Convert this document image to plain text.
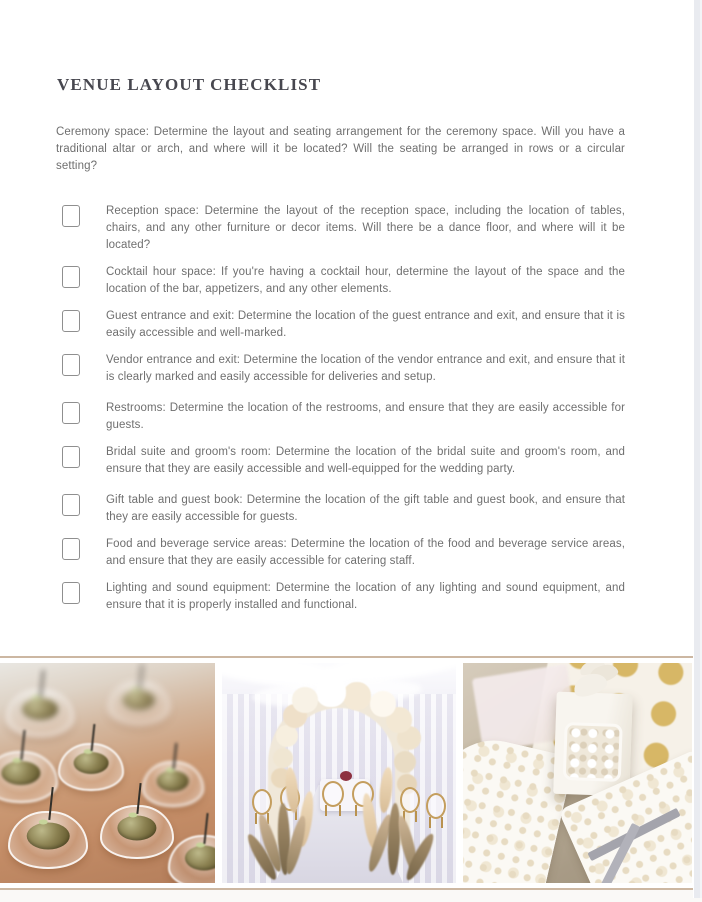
VENUE LAYOUT CHECKLIST

Ceremony space: Determine the layout and seating arrangement for the ceremony space. Will you have a traditional altar or arch, and where will it be located? Will the seating be arranged in rows or a circular setting?

Reception space: Determine the layout of the reception space, including the location of tables, chairs, and any other furniture or decor items. Will there be a dance floor, and where will it be located?

Cocktail hour space: If you're having a cocktail hour, determine the layout of the space and the location of the bar, appetizers, and any other elements.

Guest entrance and exit: Determine the location of the guest entrance and exit, and ensure that it is easily accessible and well-marked.

Vendor entrance and exit: Determine the location of the vendor entrance and exit, and ensure that it is clearly marked and easily accessible for deliveries and setup.

Restrooms: Determine the location of the restrooms, and ensure that they are easily accessible for guests.

Bridal suite and groom's room: Determine the location of the bridal suite and groom's room, and ensure that they are easily accessible and well-equipped for the wedding party.

Gift table and guest book: Determine the location of the gift table and guest book, and ensure that they are easily accessible for guests.

Food and beverage service areas: Determine the location of the food and beverage service areas, and ensure that they are easily accessible for catering staff.

Lighting and sound equipment: Determine the location of any lighting and sound equipment, and ensure that it is properly installed and functional.
